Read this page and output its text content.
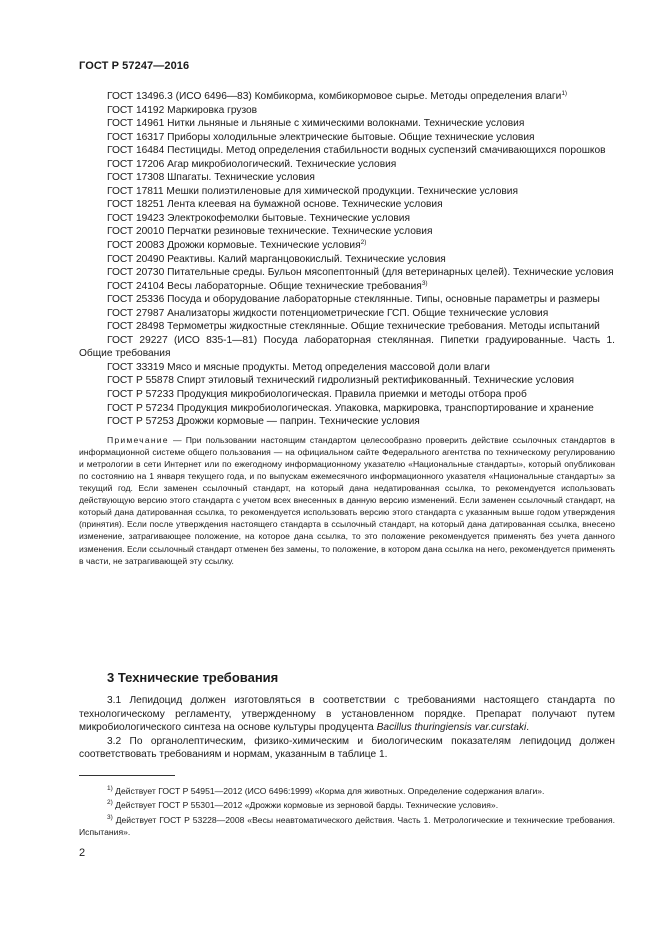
ГОСТ Р 57247—2016
ГОСТ 13496.3 (ИСО 6496—83) Комбикорма, комбикормовое сырье. Методы определения влаги$^{1)}$
ГОСТ 14192 Маркировка грузов
ГОСТ 14961 Нитки льняные и льняные с химическими волокнами. Технические условия
ГОСТ 16317 Приборы холодильные электрические бытовые. Общие технические условия
ГОСТ 16484 Пестициды. Метод определения стабильности водных суспензий смачивающихся порошков
ГОСТ 17206 Агар микробиологический. Технические условия
ГОСТ 17308 Шпагаты. Технические условия
ГОСТ 17811 Мешки полиэтиленовые для химической продукции. Технические условия
ГОСТ 18251 Лента клеевая на бумажной основе. Технические условия
ГОСТ 19423 Электрокофемолки бытовые. Технические условия
ГОСТ 20010 Перчатки резиновые технические. Технические условия
ГОСТ 20083 Дрожжи кормовые. Технические условия$^{2)}$
ГОСТ 20490 Реактивы. Калий марганцовокислый. Технические условия
ГОСТ 20730 Питательные среды. Бульон мясопептонный (для ветеринарных целей). Технические условия
ГОСТ 24104 Весы лабораторные. Общие технические требования$^{3)}$
ГОСТ 25336 Посуда и оборудование лабораторные стеклянные. Типы, основные параметры и размеры
ГОСТ 27987 Анализаторы жидкости потенциометрические ГСП. Общие технические условия
ГОСТ 28498 Термометры жидкостные стеклянные. Общие технические требования. Методы испытаний
ГОСТ 29227 (ИСО 835-1—81) Посуда лабораторная стеклянная. Пипетки градуированные. Часть 1. Общие требования
ГОСТ 33319 Мясо и мясные продукты. Метод определения массовой доли влаги
ГОСТ Р 55878 Спирт этиловый технический гидролизный ректификованный. Технические условия
ГОСТ Р 57233 Продукция микробиологическая. Правила приемки и методы отбора проб
ГОСТ Р 57234 Продукция микробиологическая. Упаковка, маркировка, транспортирование и хранение
ГОСТ Р 57253 Дрожжи кормовые — паприн. Технические условия
Примечание — При пользовании настоящим стандартом целесообразно проверить действие ссылочных стандартов в информационной системе общего пользования — на официальном сайте Федерального агентства по техническому регулированию и метрологии в сети Интернет или по ежегодному информационному указателю «Национальные стандарты», который опубликован по состоянию на 1 января текущего года, и по выпускам ежемесячного информационного указателя «Национальные стандарты» за текущий год. Если заменен ссылочный стандарт, на который дана недатированная ссылка, то рекомендуется использовать действующую версию этого стандарта с учетом всех внесенных в данную версию изменений. Если заменен ссылочный стандарт, на который дана датированная ссылка, то рекомендуется использовать версию этого стандарта с указанным выше годом утверждения (принятия). Если после утверждения настоящего стандарта в ссылочный стандарт, на который дана датированная ссылка, внесено изменение, затрагивающее положение, на которое дана ссылка, то это положение рекомендуется применять без учета данного изменения. Если ссылочный стандарт отменен без замены, то положение, в котором дана ссылка на него, рекомендуется применять в части, не затрагивающей эту ссылку.
3 Технические требования
3.1 Лепидоцид должен изготовляться в соответствии с требованиями настоящего стандарта по технологическому регламенту, утвержденному в установленном порядке. Препарат получают путем микробиологического синтеза на основе культуры продуцента Bacillus thuringiensis var.curstaki.
3.2 По органолептическим, физико-химическим и биологическим показателям лепидоцид должен соответствовать требованиям и нормам, указанным в таблице 1.
$^{1)}$ Действует ГОСТ Р 54951—2012 (ИСО 6496:1999) «Корма для животных. Определение содержания влаги».
$^{2)}$ Действует ГОСТ Р 55301—2012 «Дрожжи кормовые из зерновой барды. Технические условия».
$^{3)}$ Действует ГОСТ Р 53228—2008 «Весы неавтоматического действия. Часть 1. Метрологические и технические требования. Испытания».
2
